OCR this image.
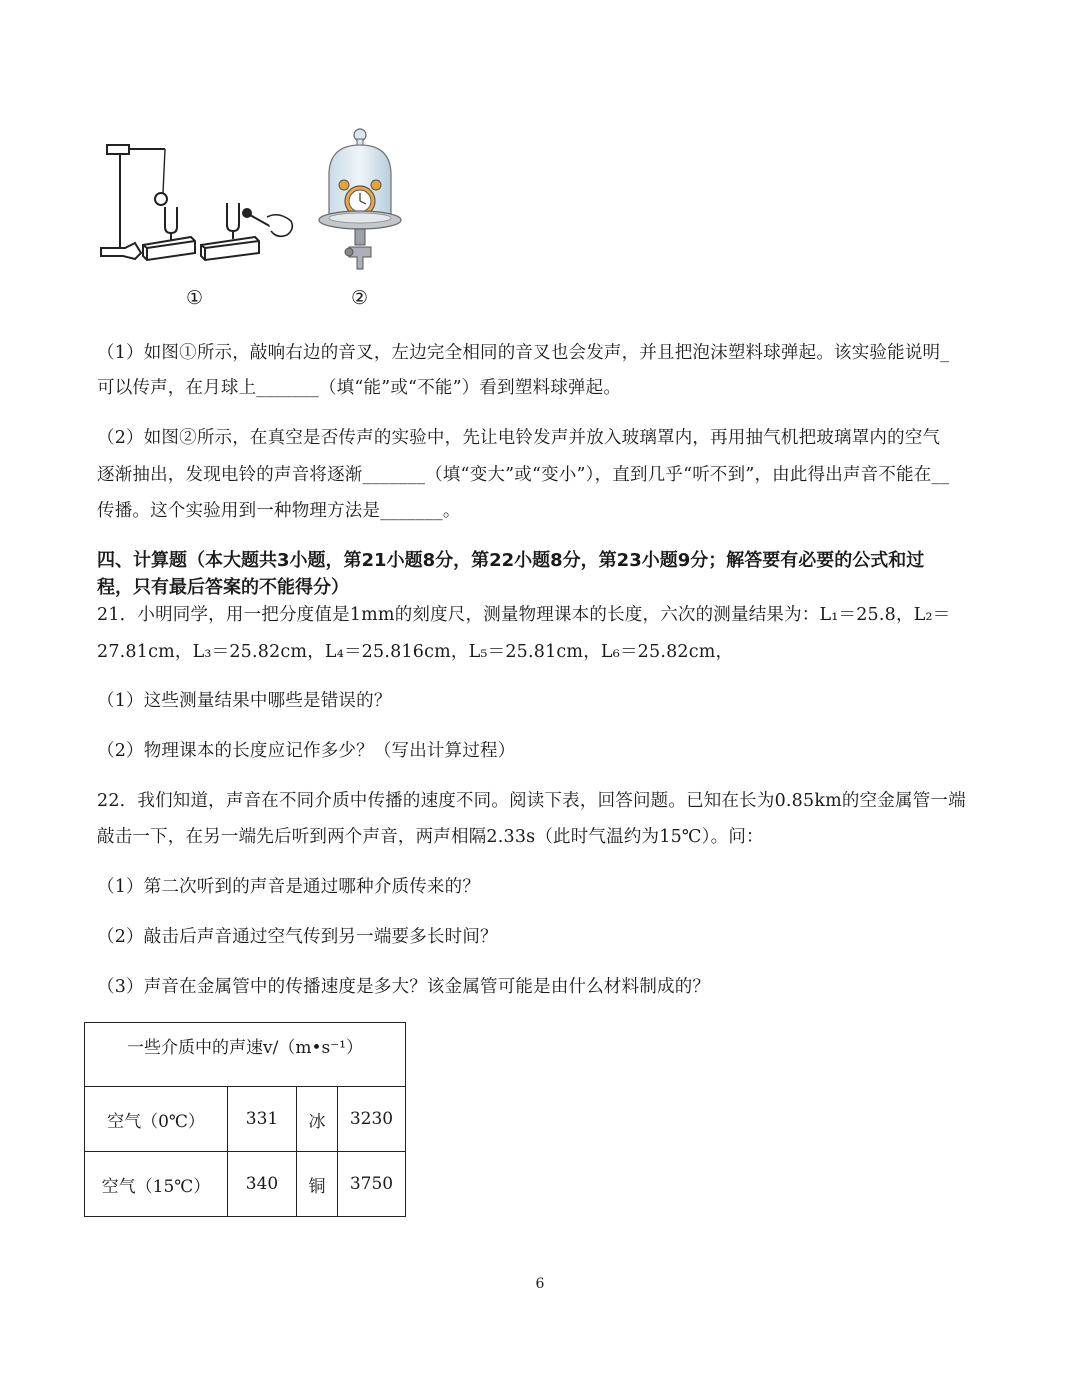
①	②
（1）如图①所示，敲响右边的音叉，左边完全相同的音叉也会发声，并且把泡沫塑料球弹起。该实验能说明_
可以传声，在月球上_______（填“能”或“不能”）看到塑料球弹起。
（2）如图②所示，在真空是否传声的实验中，先让电铃发声并放入玻璃罩内，再用抽气机把玻璃罩内的空气
逐渐抽出，发现电铃的声音将逐渐_______（填“变大”或“变小”），直到几乎“听不到”，由此得出声音不能在__
传播。这个实验用到一种物理方法是_______。
四、计算题（本大题共3小题，第21小题8分，第22小题8分，第23小题9分；解答要有必要的公式和过
程，只有最后答案的不能得分）
21．小明同学，用一把分度值是1mm的刻度尺，测量物理课本的长度，六次的测量结果为：L₁＝25.8，L₂＝
27.81cm，L₃＝25.82cm，L₄＝25.816cm，L₅＝25.81cm，L₆＝25.82cm，
（1）这些测量结果中哪些是错误的？
（2）物理课本的长度应记作多少？（写出计算过程）
22．我们知道，声音在不同介质中传播的速度不同。阅读下表，回答问题。已知在长为0.85km的空金属管一端
敲击一下，在另一端先后听到两个声音，两声相隔2.33s（此时气温约为15℃）。问：
（1）第二次听到的声音是通过哪种介质传来的？
（2）敲击后声音通过空气传到另一端要多长时间？
（3）声音在金属管中的传播速度是多大？该金属管可能是由什么材料制成的？
一些介质中的声速v/（m•s⁻¹）			
空气（0℃）	331	冰	3230
空气（15℃）	340	铜	3750
6
